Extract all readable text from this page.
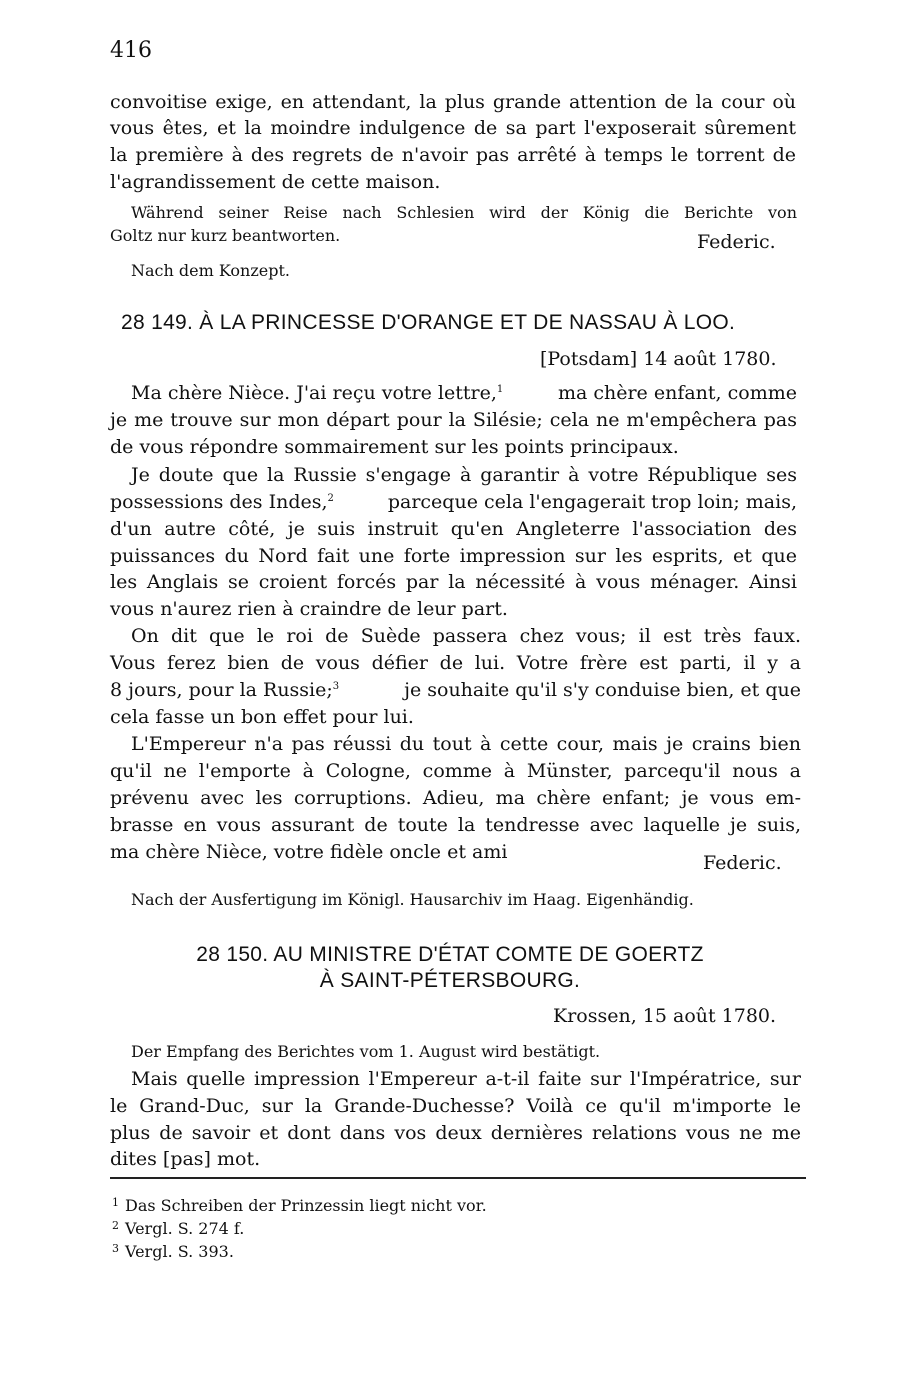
416
convoitise exige, en attendant, la plus grande attention de la cour où
vous êtes, et la moindre indulgence de sa part l'exposerait sûrement
la première à des regrets de n'avoir pas arrêté à temps le torrent de
l'agrandissement de cette maison.
Während seiner Reise nach Schlesien wird der König die Berichte von
Goltz nur kurz beantworten.	Federic.
Nach dem Konzept.
28 149. À LA PRINCESSE D'ORANGE ET DE NASSAU À LOO.
[Potsdam] 14 août 1780.
Ma chère Nièce. J'ai reçu votre lettre,$^1$	ma chère enfant, comme
je me trouve sur mon départ pour la Silésie; cela ne m'empêchera pas
de vous répondre sommairement sur les points principaux.
Je doute que la Russie s'engage à garantir à votre République ses
possessions des Indes,$^2$	parceque cela l'engagerait trop loin; mais,
d'un autre côté, je suis instruit qu'en Angleterre l'association des
puissances du Nord fait une forte impression sur les esprits, et que
les Anglais se croient forcés par la nécessité à vous ménager. Ainsi
vous n'aurez rien à craindre de leur part.
On dit que le roi de Suède passera chez vous; il est très faux.
Vous ferez bien de vous défier de lui. Votre frère est parti, il y a
8 jours, pour la Russie;$^3$	je souhaite qu'il s'y conduise bien, et que
cela fasse un bon effet pour lui.
L'Empereur n'a pas réussi du tout à cette cour, mais je crains bien
qu'il ne l'emporte à Cologne, comme à Münster, parcequ'il nous a
prévenu avec les corruptions. Adieu, ma chère enfant; je vous em-
brasse en vous assurant de toute la tendresse avec laquelle je suis,
ma chère Nièce, votre fidèle oncle et ami	Federic.
Nach der Ausfertigung im Königl. Hausarchiv im Haag. Eigenhändig.
28 150. AU MINISTRE D'ÉTAT COMTE DE GOERTZ
À SAINT-PÉTERSBOURG.
Krossen, 15 août 1780.
Der Empfang des Berichtes vom 1. August wird bestätigt.
Mais quelle impression l'Empereur a-t-il faite sur l'Impératrice, sur
le Grand-Duc, sur la Grande-Duchesse? Voilà ce qu'il m'importe le
plus de savoir et dont dans vos deux dernières relations vous ne me
dites [pas] mot.
$^1$ Das Schreiben der Prinzessin liegt nicht vor.
$^2$ Vergl. S. 274 f.
$^3$ Vergl. S. 393.
